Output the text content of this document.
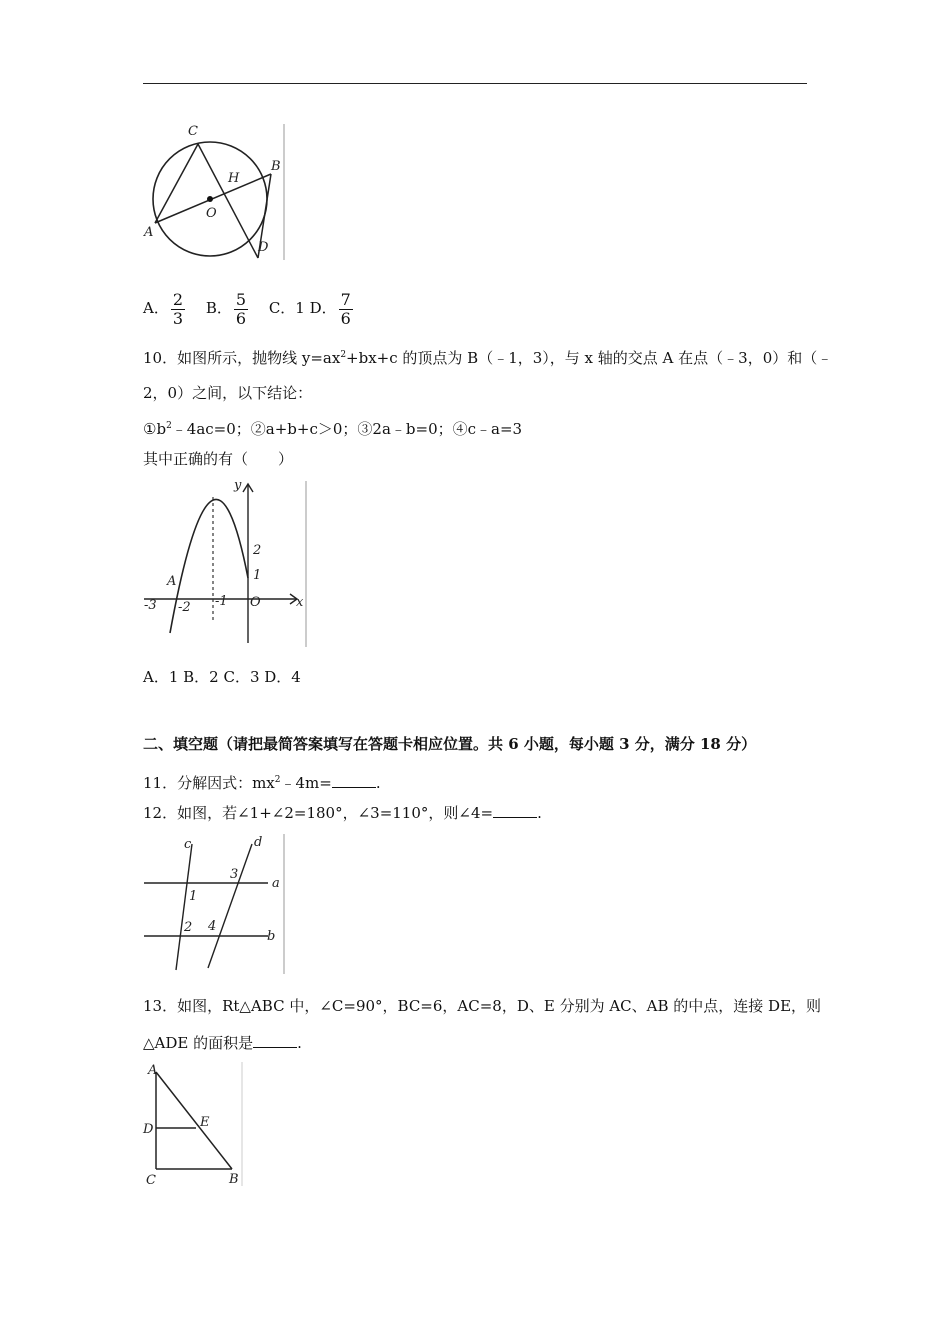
C
H
B
O
A
D
A． $\frac{2}{3}$ B． $\frac{5}{6}$ C．1 D． $\frac{7}{6}$
10．如图所示，抛物线 $y=ax^2+bx+c$ 的顶点为 B（﹣1，3），与 x 轴的交点 A 在点（﹣3，0）和（﹣
2，0）之间，以下结论：
$①b^2﹣4ac=0$；②a+b+c＞0；③2a﹣b=0；④c﹣a=3
其中正确的有（　　）
y
x
O
A
-3 -2 -1
1
2
A．1 B．2 C．3 D．4
二、填空题（请把最简答案填写在答题卡相应位置。共 6 小题，每小题 3 分，满分 18 分）
11．分解因式：$mx^2﹣4m=$	.
12．如图，若∠1+∠2=180°，∠3=110°，则∠4=	.
c	d
a
b
1
2
3
4
13．如图，Rt△ABC 中，∠C=90°，BC=6，AC=8，D、E 分别为 AC、AB 的中点，连接 DE，则
△ADE 的面积是	.
A
D	E
C	B
